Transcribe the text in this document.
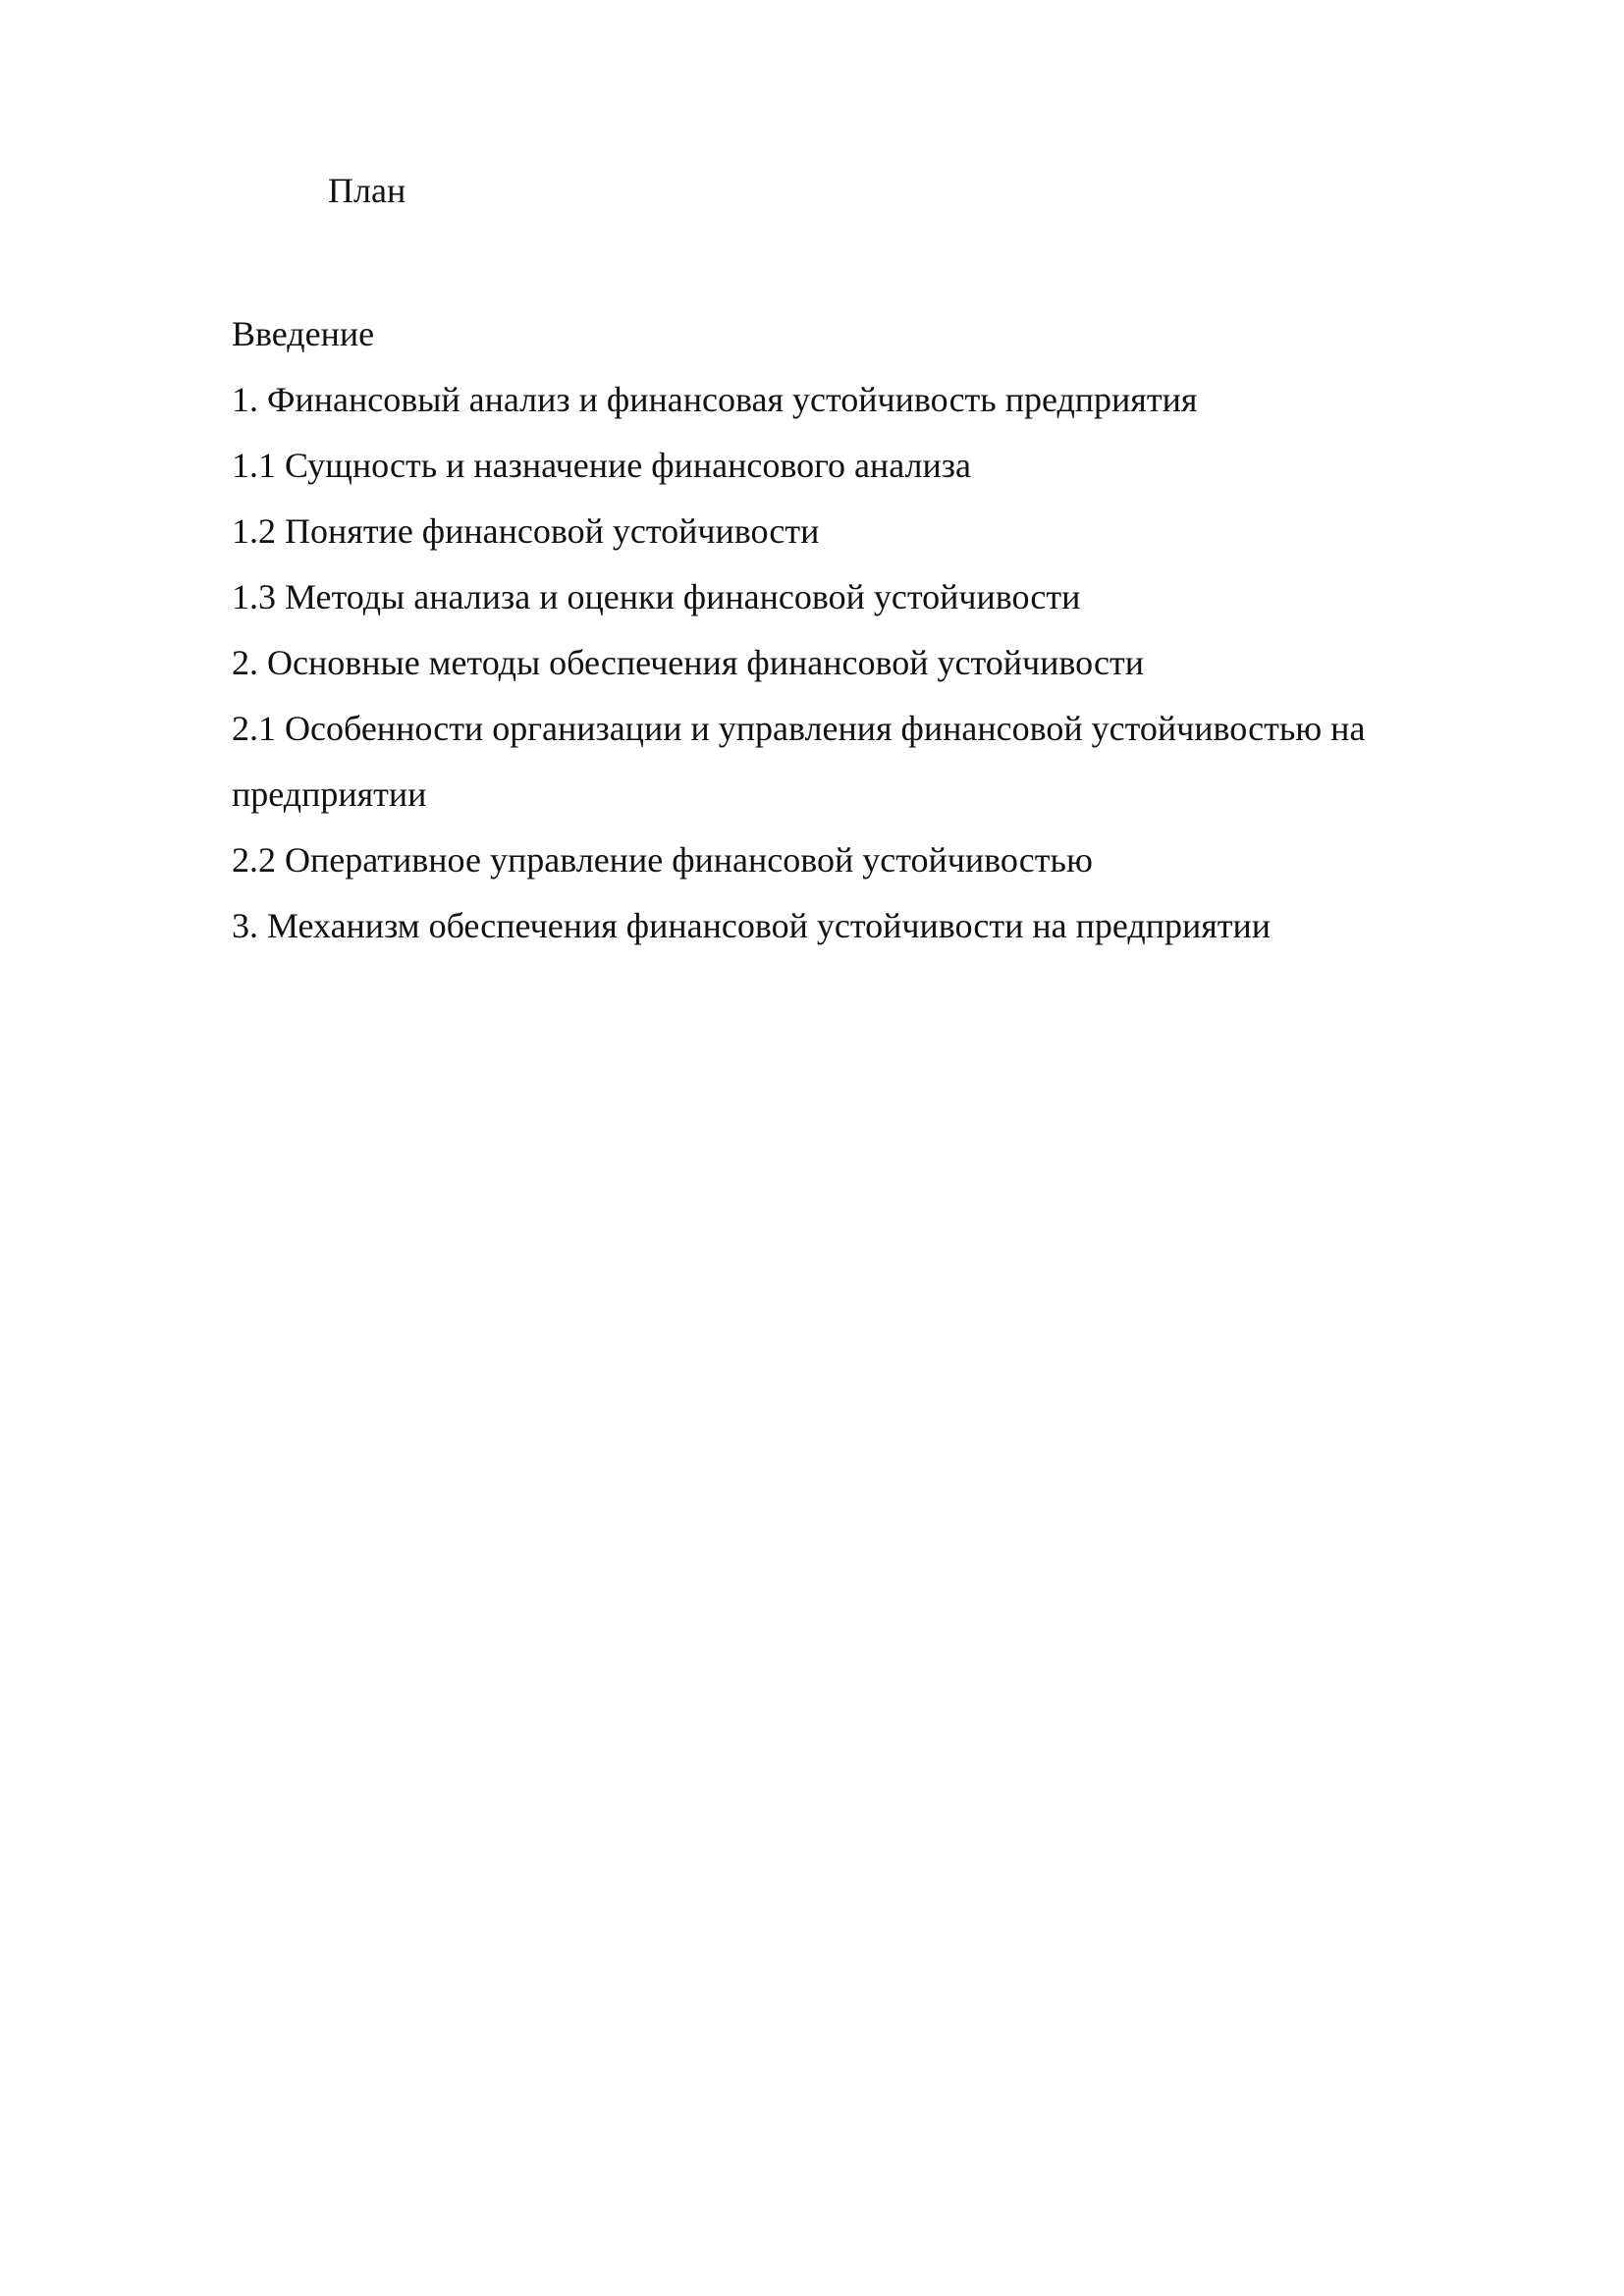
План
Введение
1. Финансовый анализ и финансовая устойчивость предприятия
1.1 Сущность и назначение финансового анализа
1.2 Понятие финансовой устойчивости
1.3 Методы анализа и оценки финансовой устойчивости
2. Основные методы обеспечения финансовой устойчивости
2.1 Особенности организации и управления финансовой устойчивостью на
предприятии
2.2 Оперативное управление финансовой устойчивостью
3. Механизм обеспечения финансовой устойчивости на предприятии
